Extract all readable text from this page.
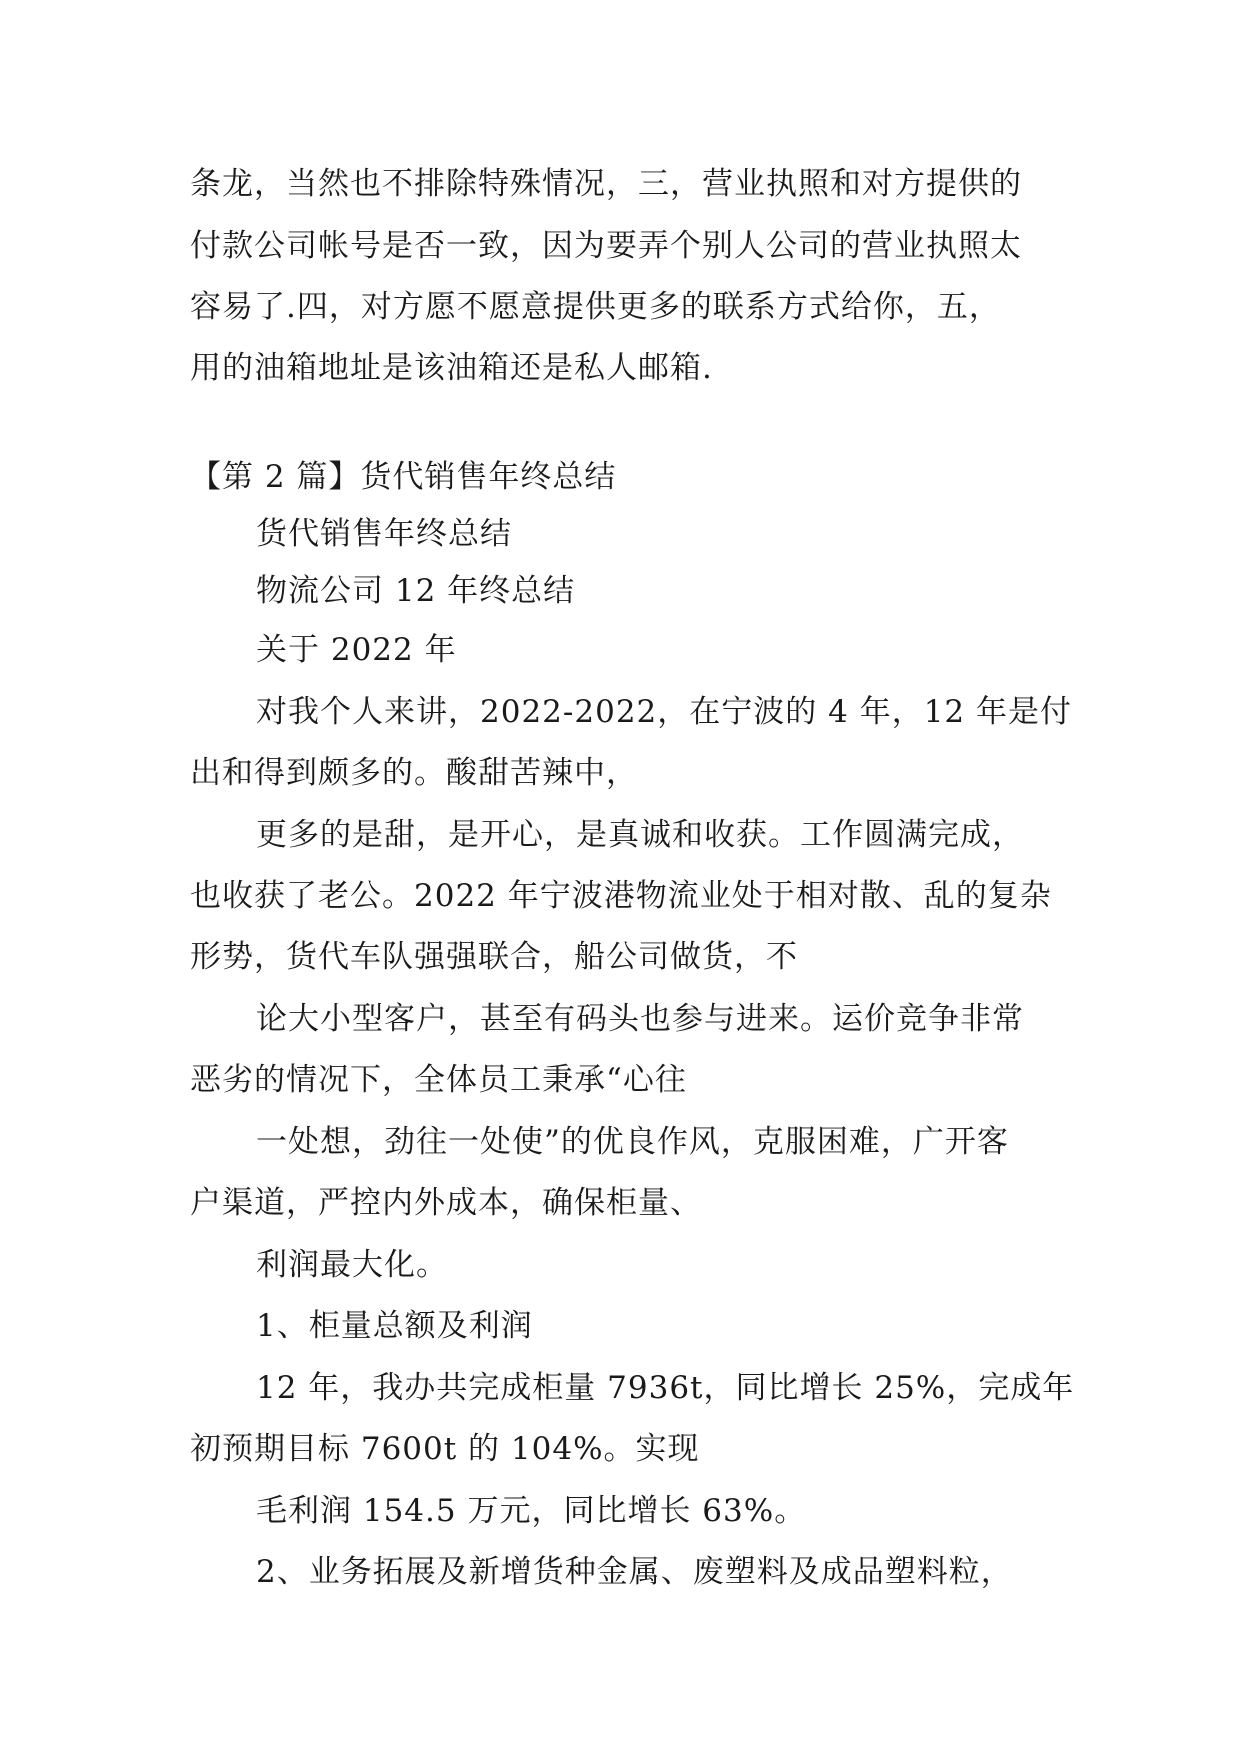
条龙，当然也不排除特殊情况，三，营业执照和对方提供的
付款公司帐号是否一致，因为要弄个别人公司的营业执照太
容易了.四，对方愿不愿意提供更多的联系方式给你，五，
用的油箱地址是该油箱还是私人邮箱.
【第 2 篇】货代销售年终总结
货代销售年终总结
物流公司 12 年终总结
关于 2022 年
对我个人来讲，2022-2022，在宁波的 4 年，12 年是付
出和得到颇多的。酸甜苦辣中，
更多的是甜，是开心，是真诚和收获。工作圆满完成，
也收获了老公。2022 年宁波港物流业处于相对散、乱的复杂
形势，货代车队强强联合，船公司做货，不
论大小型客户，甚至有码头也参与进来。运价竞争非常
恶劣的情况下，全体员工秉承“心往
一处想，劲往一处使”的优良作风，克服困难，广开客
户渠道，严控内外成本，确保柜量、
利润最大化。
1、柜量总额及利润
12 年，我办共完成柜量 7936t，同比增长 25%，完成年
初预期目标 7600t 的 104%。实现
毛利润 154.5 万元，同比增长 63%。
2、业务拓展及新增货种金属、废塑料及成品塑料粒，
